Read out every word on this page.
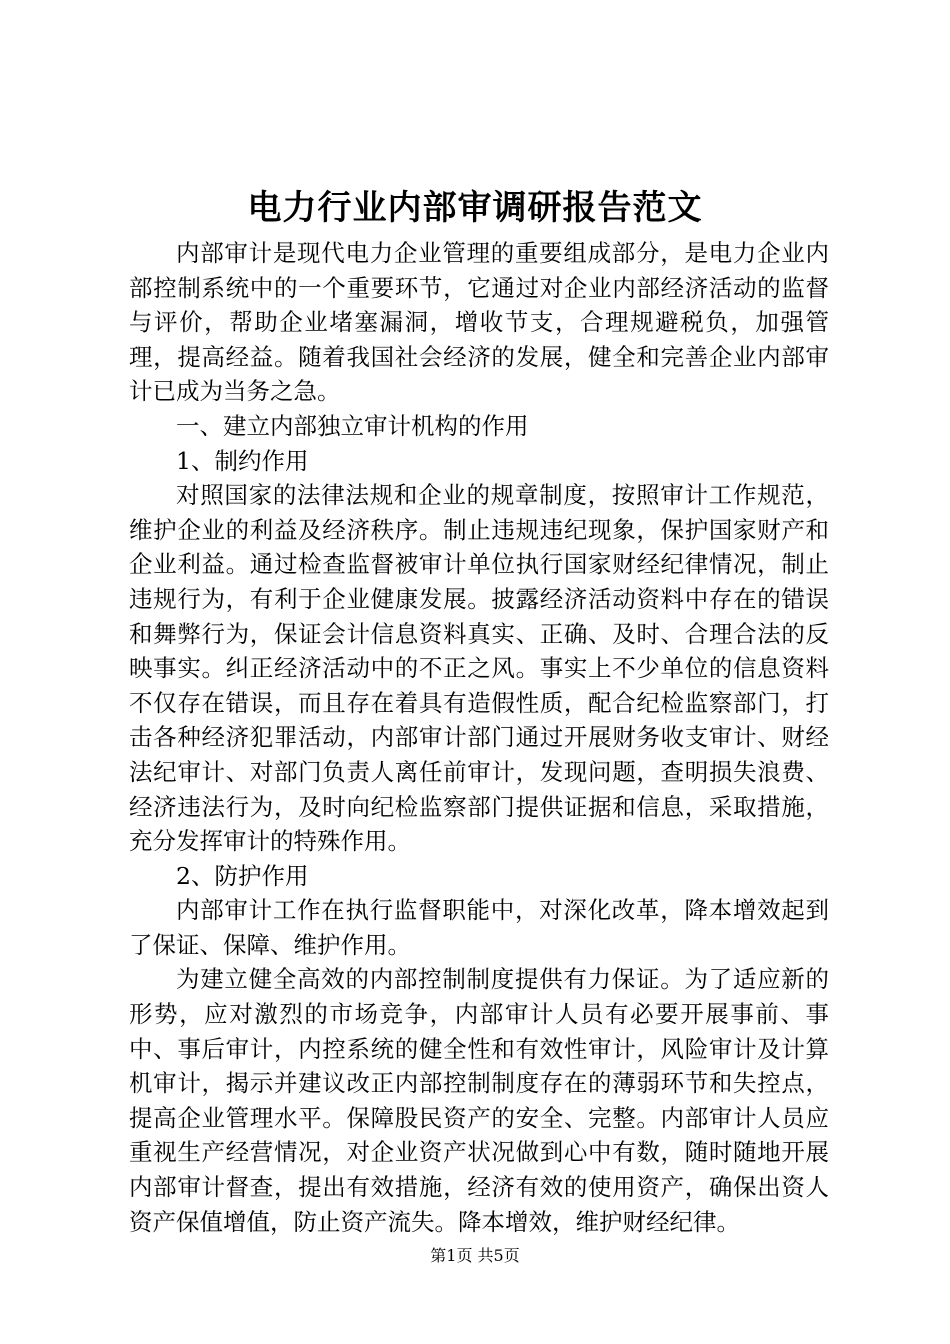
电力行业内部审调研报告范文

内部审计是现代电力企业管理的重要组成部分，是电力企业内部控制系统中的一个重要环节，它通过对企业内部经济活动的监督与评价，帮助企业堵塞漏洞，增收节支，合理规避税负，加强管理，提高经益。随着我国社会经济的发展，健全和完善企业内部审计已成为当务之急。

一、建立内部独立审计机构的作用

1、制约作用

对照国家的法律法规和企业的规章制度，按照审计工作规范，维护企业的利益及经济秩序。制止违规违纪现象，保护国家财产和企业利益。通过检查监督被审计单位执行国家财经纪律情况，制止违规行为，有利于企业健康发展。披露经济活动资料中存在的错误和舞弊行为，保证会计信息资料真实、正确、及时、合理合法的反映事实。纠正经济活动中的不正之风。事实上不少单位的信息资料不仅存在错误，而且存在着具有造假性质，配合纪检监察部门，打击各种经济犯罪活动，内部审计部门通过开展财务收支审计、财经法纪审计、对部门负责人离任前审计，发现问题，查明损失浪费、经济违法行为，及时向纪检监察部门提供证据和信息，采取措施，充分发挥审计的特殊作用。

2、防护作用

内部审计工作在执行监督职能中，对深化改革，降本增效起到了保证、保障、维护作用。

为建立健全高效的内部控制制度提供有力保证。为了适应新的形势，应对激烈的市场竞争，内部审计人员有必要开展事前、事中、事后审计，内控系统的健全性和有效性审计，风险审计及计算机审计，揭示并建议改正内部控制制度存在的薄弱环节和失控点，提高企业管理水平。保障股民资产的安全、完整。内部审计人员应重视生产经营情况，对企业资产状况做到心中有数，随时随地开展内部审计督查，提出有效措施，经济有效的使用资产，确保出资人资产保值增值，防止资产流失。降本增效，维护财经纪律。

第1页 共5页
